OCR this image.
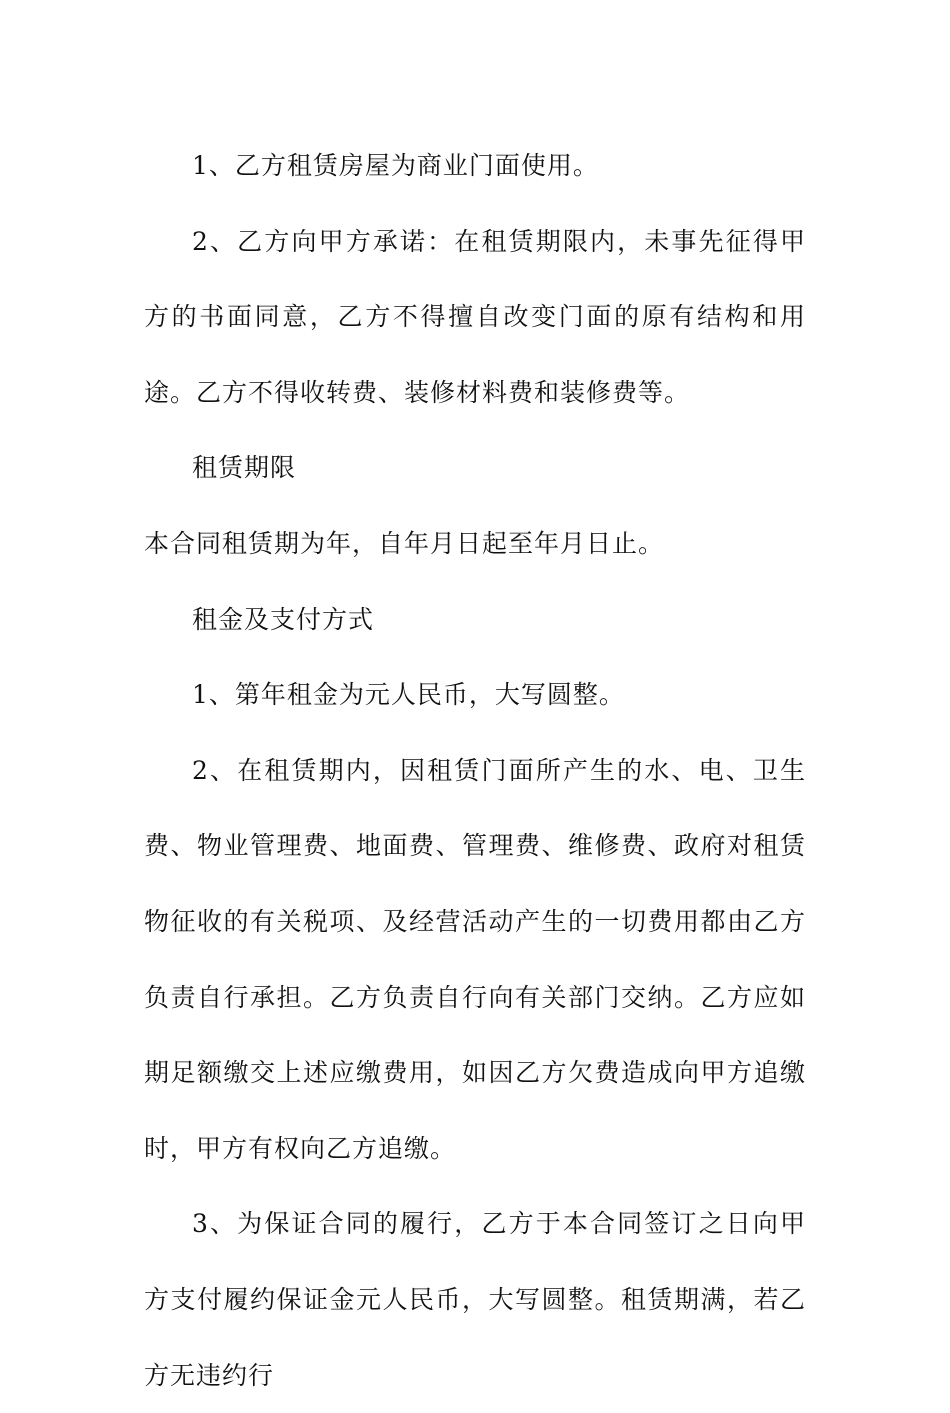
1、乙方租赁房屋为商业门面使用。

2、乙方向甲方承诺：在租赁期限内，未事先征得甲方的书面同意，乙方不得擅自改变门面的原有结构和用途。乙方不得收转费、装修材料费和装修费等。

租赁期限

本合同租赁期为年，自年月日起至年月日止。

租金及支付方式

1、第年租金为元人民币，大写圆整。

2、在租赁期内，因租赁门面所产生的水、电、卫生费、物业管理费、地面费、管理费、维修费、政府对租赁物征收的有关税项、及经营活动产生的一切费用都由乙方负责自行承担。乙方负责自行向有关部门交纳。乙方应如期足额缴交上述应缴费用，如因乙方欠费造成向甲方追缴时，甲方有权向乙方追缴。

3、为保证合同的履行，乙方于本合同签订之日向甲方支付履约保证金元人民币，大写圆整。租赁期满，若乙方无违约行
